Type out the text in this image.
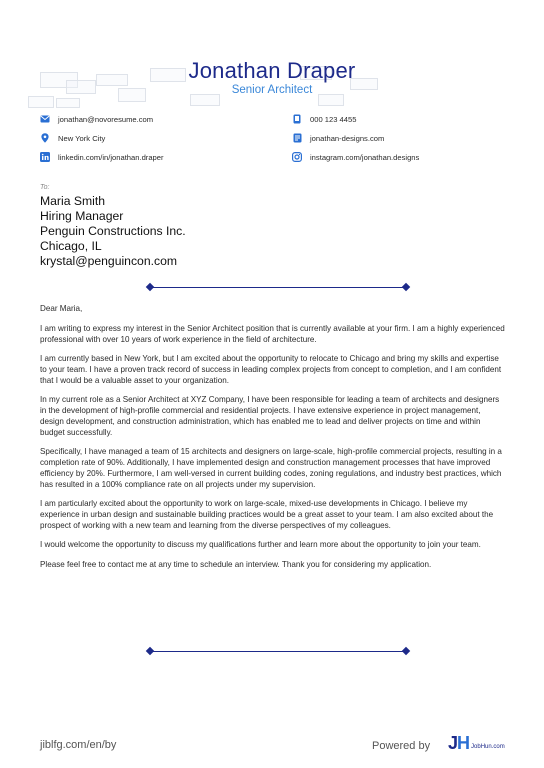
Jonathan Draper
Senior Architect
jonathan@novoresume.com	000 123 4455
New York City	jonathan-designs.com
linkedin.com/in/jonathan.draper	instagram.com/jonathan.designs
To:
Maria Smith
Hiring Manager
Penguin Constructions Inc.
Chicago, IL
krystal@penguincon.com

Dear Maria,

I am writing to express my interest in the Senior Architect position that is currently available at your firm. I am a highly experienced professional with over 10 years of work experience in the field of architecture.

I am currently based in New York, but I am excited about the opportunity to relocate to Chicago and bring my skills and expertise to your team. I have a proven track record of success in leading complex projects from concept to completion, and I am confident that I would be a valuable asset to your organization.

In my current role as a Senior Architect at XYZ Company, I have been responsible for leading a team of architects and designers in the development of high-profile commercial and residential projects. I have extensive experience in project management, design development, and construction administration, which has enabled me to lead and deliver projects on time and within budget successfully.

Specifically, I have managed a team of 15 architects and designers on large-scale, high-profile commercial projects, resulting in a completion rate of 90%. Additionally, I have implemented design and construction management processes that have improved efficiency by 20%. Furthermore, I am well-versed in current building codes, zoning regulations, and industry best practices, which has resulted in a 100% compliance rate on all projects under my supervision.

I am particularly excited about the opportunity to work on large-scale, mixed-use developments in Chicago. I believe my experience in urban design and sustainable building practices would be a great asset to your team. I am also excited about the prospect of working with a new team and learning from the diverse perspectives of my colleagues.

I would welcome the opportunity to discuss my qualifications further and learn more about the opportunity to join your team.

Please feel free to contact me at any time to schedule an interview. Thank you for considering my application.

jiblfg.com/en/by	Powered by JH JobHun.com
